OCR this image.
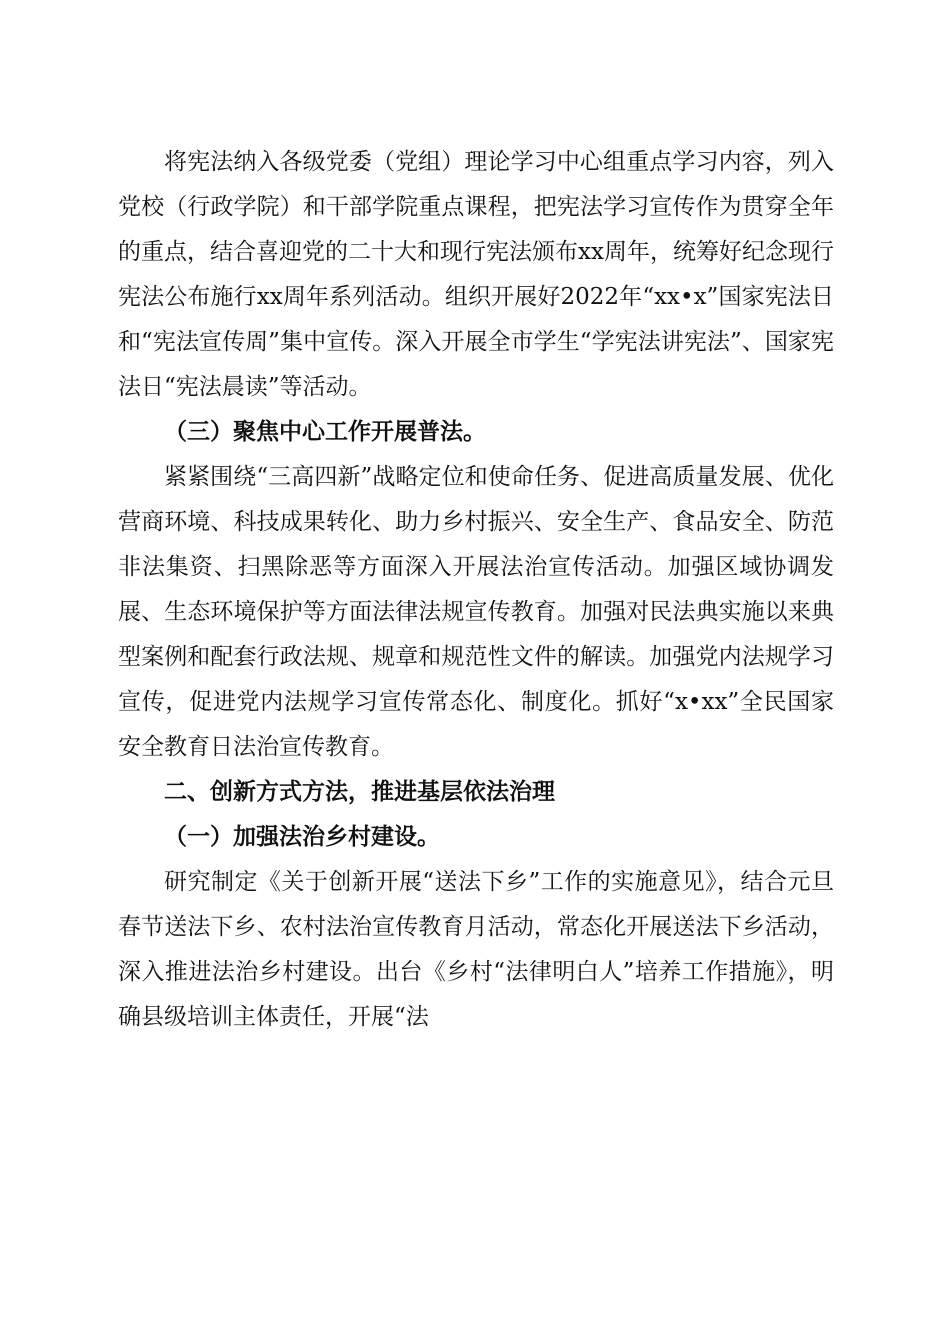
将宪法纳入各级党委（党组）理论学习中心组重点学习内容，列入党校（行政学院）和干部学院重点课程，把宪法学习宣传作为贯穿全年的重点，结合喜迎党的二十大和现行宪法颁布xx周年，统筹好纪念现行宪法公布施行xx周年系列活动。组织开展好2022年“xx•x”国家宪法日和“宪法宣传周”集中宣传。深入开展全市学生“学宪法讲宪法”、国家宪法日“宪法晨读”等活动。

（三）聚焦中心工作开展普法。

紧紧围绕“三高四新”战略定位和使命任务、促进高质量发展、优化营商环境、科技成果转化、助力乡村振兴、安全生产、食品安全、防范非法集资、扫黑除恶等方面深入开展法治宣传活动。加强区域协调发展、生态环境保护等方面法律法规宣传教育。加强对民法典实施以来典型案例和配套行政法规、规章和规范性文件的解读。加强党内法规学习宣传，促进党内法规学习宣传常态化、制度化。抓好“x•xx”全民国家安全教育日法治宣传教育。

二、创新方式方法，推进基层依法治理

（一）加强法治乡村建设。

研究制定《关于创新开展“送法下乡”工作的实施意见》，结合元旦春节送法下乡、农村法治宣传教育月活动，常态化开展送法下乡活动，深入推进法治乡村建设。出台《乡村“法律明白人”培养工作措施》，明确县级培训主体责任，开展“法
